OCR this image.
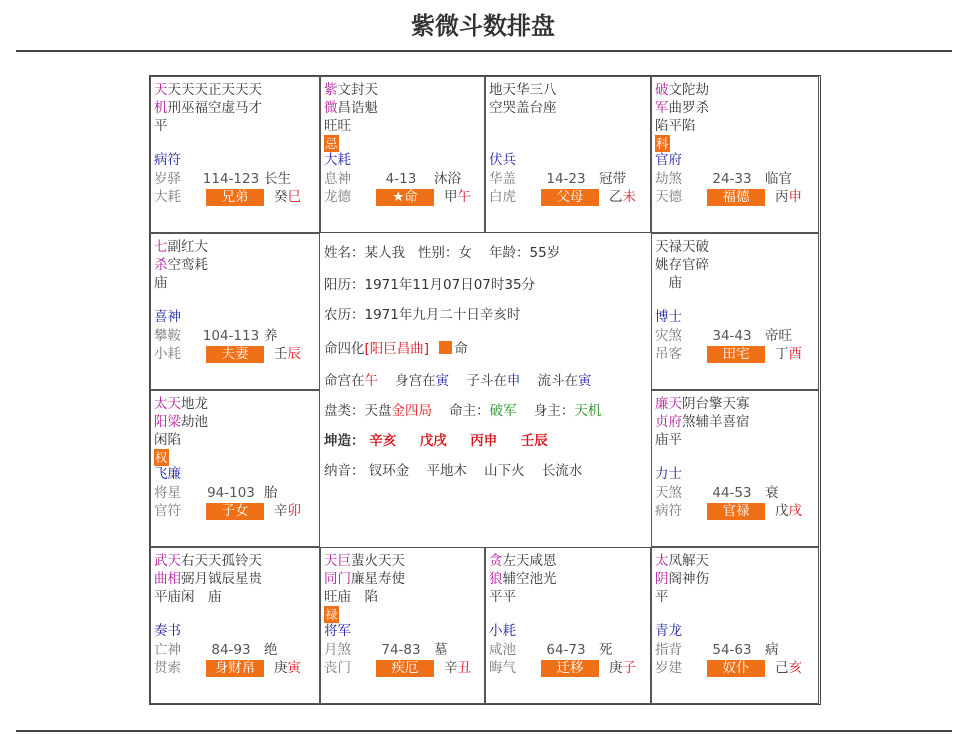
紫微斗数排盘
天天天天正天天天
机刑巫福空虚马才
平
病符
岁驿 114-123 长生
大耗	兄弟 癸巳
紫文封天
微昌诰魁
旺旺
忌
大耗
息神	4-13 沐浴
龙德	★命 甲午
地天华三八
空哭盖台座
伏兵
华盖 14-23 冠带
白虎	父母 乙未
破文陀劫
军曲罗杀
陷平陷
科
官府
劫煞 24-33 临官
天德	福德 丙申
七副红大
杀空鸾耗
庙
喜神
攀鞍 104-113 养
小耗	夫妻 壬辰
天禄天破
姚存官碎
　庙
博士
灾煞 34-43 帝旺
吊客	田宅 丁酉
太天地龙
阳梁劫池
闲陷
权
飞廉
将星 94-103 胎
官符	子女 辛卯
廉天阴台擎天寡
贞府煞辅羊喜宿
庙平
力士
天煞 44-53 衰
病符	官禄 戊戌
武天右天天孤铃天
曲相弼月钺辰星贵
平庙闲　庙
奏书
亡神 84-93 绝
贯索	身财帛 庚寅
天巨蜚火天天
同门廉星寿使
旺庙　陷
禄
将军
月煞 74-83 墓
丧门	疾厄 辛丑
贪左天咸恩
狼辅空池光
平平
小耗
咸池 64-73 死
晦气	迁移 庚子
太凤解天
阴阁神伤
平
青龙
指背 54-63 病
岁建	奴仆 己亥
姓名：某人我 性别：女 年龄：55岁
阳历：1971年11月07日07时35分
农历：1971年九月二十日辛亥时
命四化[阳巨昌曲] 命
命宫在午 身宫在寅 子斗在申 流斗在寅
盘类：天盘金四局 命主：破军 身主：天机
坤造： 辛亥 戊戌 丙申 壬辰
纳音： 钗环金 平地木 山下火 长流水
